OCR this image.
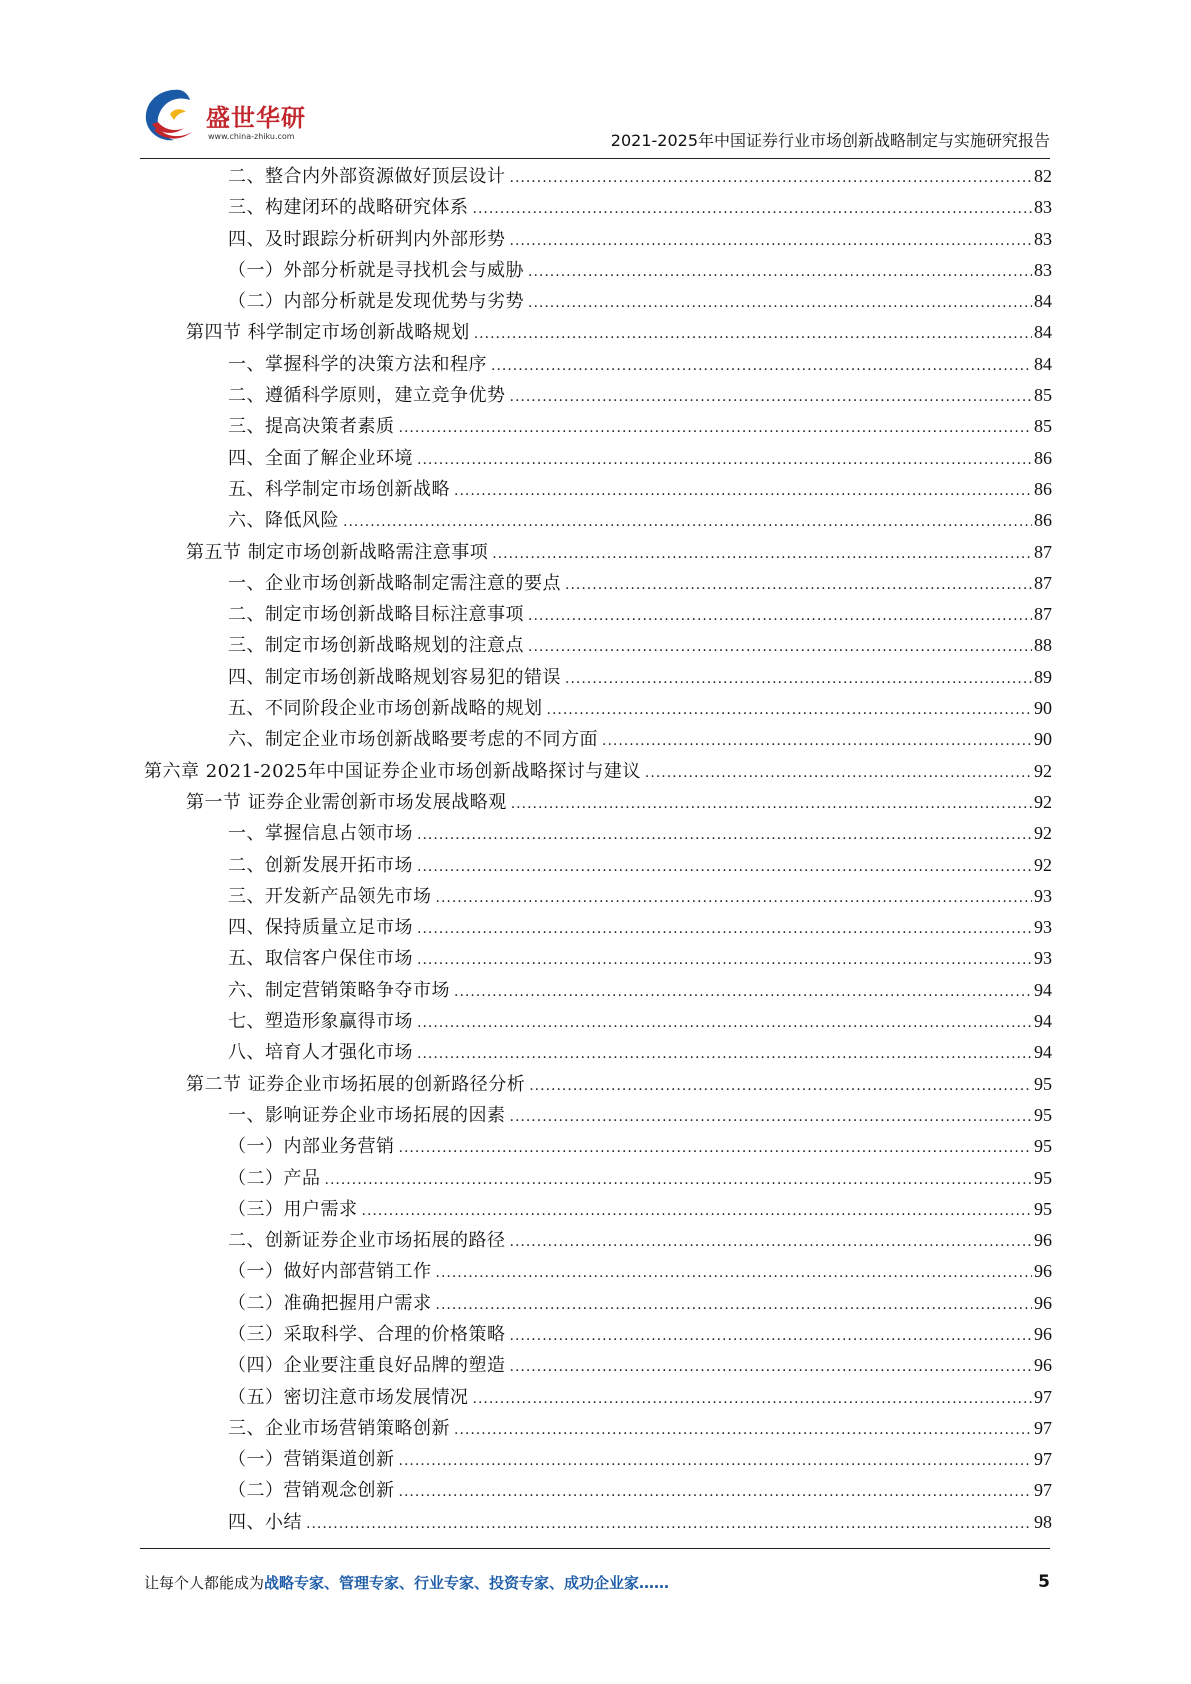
盛世华研
www.china-zhiku.com	2021-2025年中国证券行业市场创新战略制定与实施研究报告
二、整合内外部资源做好顶层设计 .....	82
三、构建闭环的战略研究体系 .....	83
四、及时跟踪分析研判内外部形势 .....	83
（一）外部分析就是寻找机会与威胁 .....	83
（二）内部分析就是发现优势与劣势 .....	84
第四节 科学制定市场创新战略规划 .....	84
一、掌握科学的决策方法和程序 .....	84
二、遵循科学原则，建立竞争优势 .....	85
三、提高决策者素质 .....	85
四、全面了解企业环境 .....	86
五、科学制定市场创新战略 .....	86
六、降低风险 .....	86
第五节 制定市场创新战略需注意事项 .....	87
一、企业市场创新战略制定需注意的要点 .....	87
二、制定市场创新战略目标注意事项 .....	87
三、制定市场创新战略规划的注意点 .....	88
四、制定市场创新战略规划容易犯的错误 .....	89
五、不同阶段企业市场创新战略的规划 .....	90
六、制定企业市场创新战略要考虑的不同方面 .....	90
第六章 2021-2025年中国证券企业市场创新战略探讨与建议 .....	92
第一节 证券企业需创新市场发展战略观 .....	92
一、掌握信息占领市场 .....	92
二、创新发展开拓市场 .....	92
三、开发新产品领先市场 .....	93
四、保持质量立足市场 .....	93
五、取信客户保住市场 .....	93
六、制定营销策略争夺市场 .....	94
七、塑造形象赢得市场 .....	94
八、培育人才强化市场 .....	94
第二节 证券企业市场拓展的创新路径分析 .....	95
一、影响证券企业市场拓展的因素 .....	95
（一）内部业务营销 .....	95
（二）产品 .....	95
（三）用户需求 .....	95
二、创新证券企业市场拓展的路径 .....	96
（一）做好内部营销工作 .....	96
（二）准确把握用户需求 .....	96
（三）采取科学、合理的价格策略 .....	96
（四）企业要注重良好品牌的塑造 .....	96
（五）密切注意市场发展情况 .....	97
三、企业市场营销策略创新 .....	97
（一）营销渠道创新 .....	97
（二）营销观念创新 .....	97
四、小结 .....	98
让每个人都能成为战略专家、管理专家、行业专家、投资专家、成功企业家……	5
